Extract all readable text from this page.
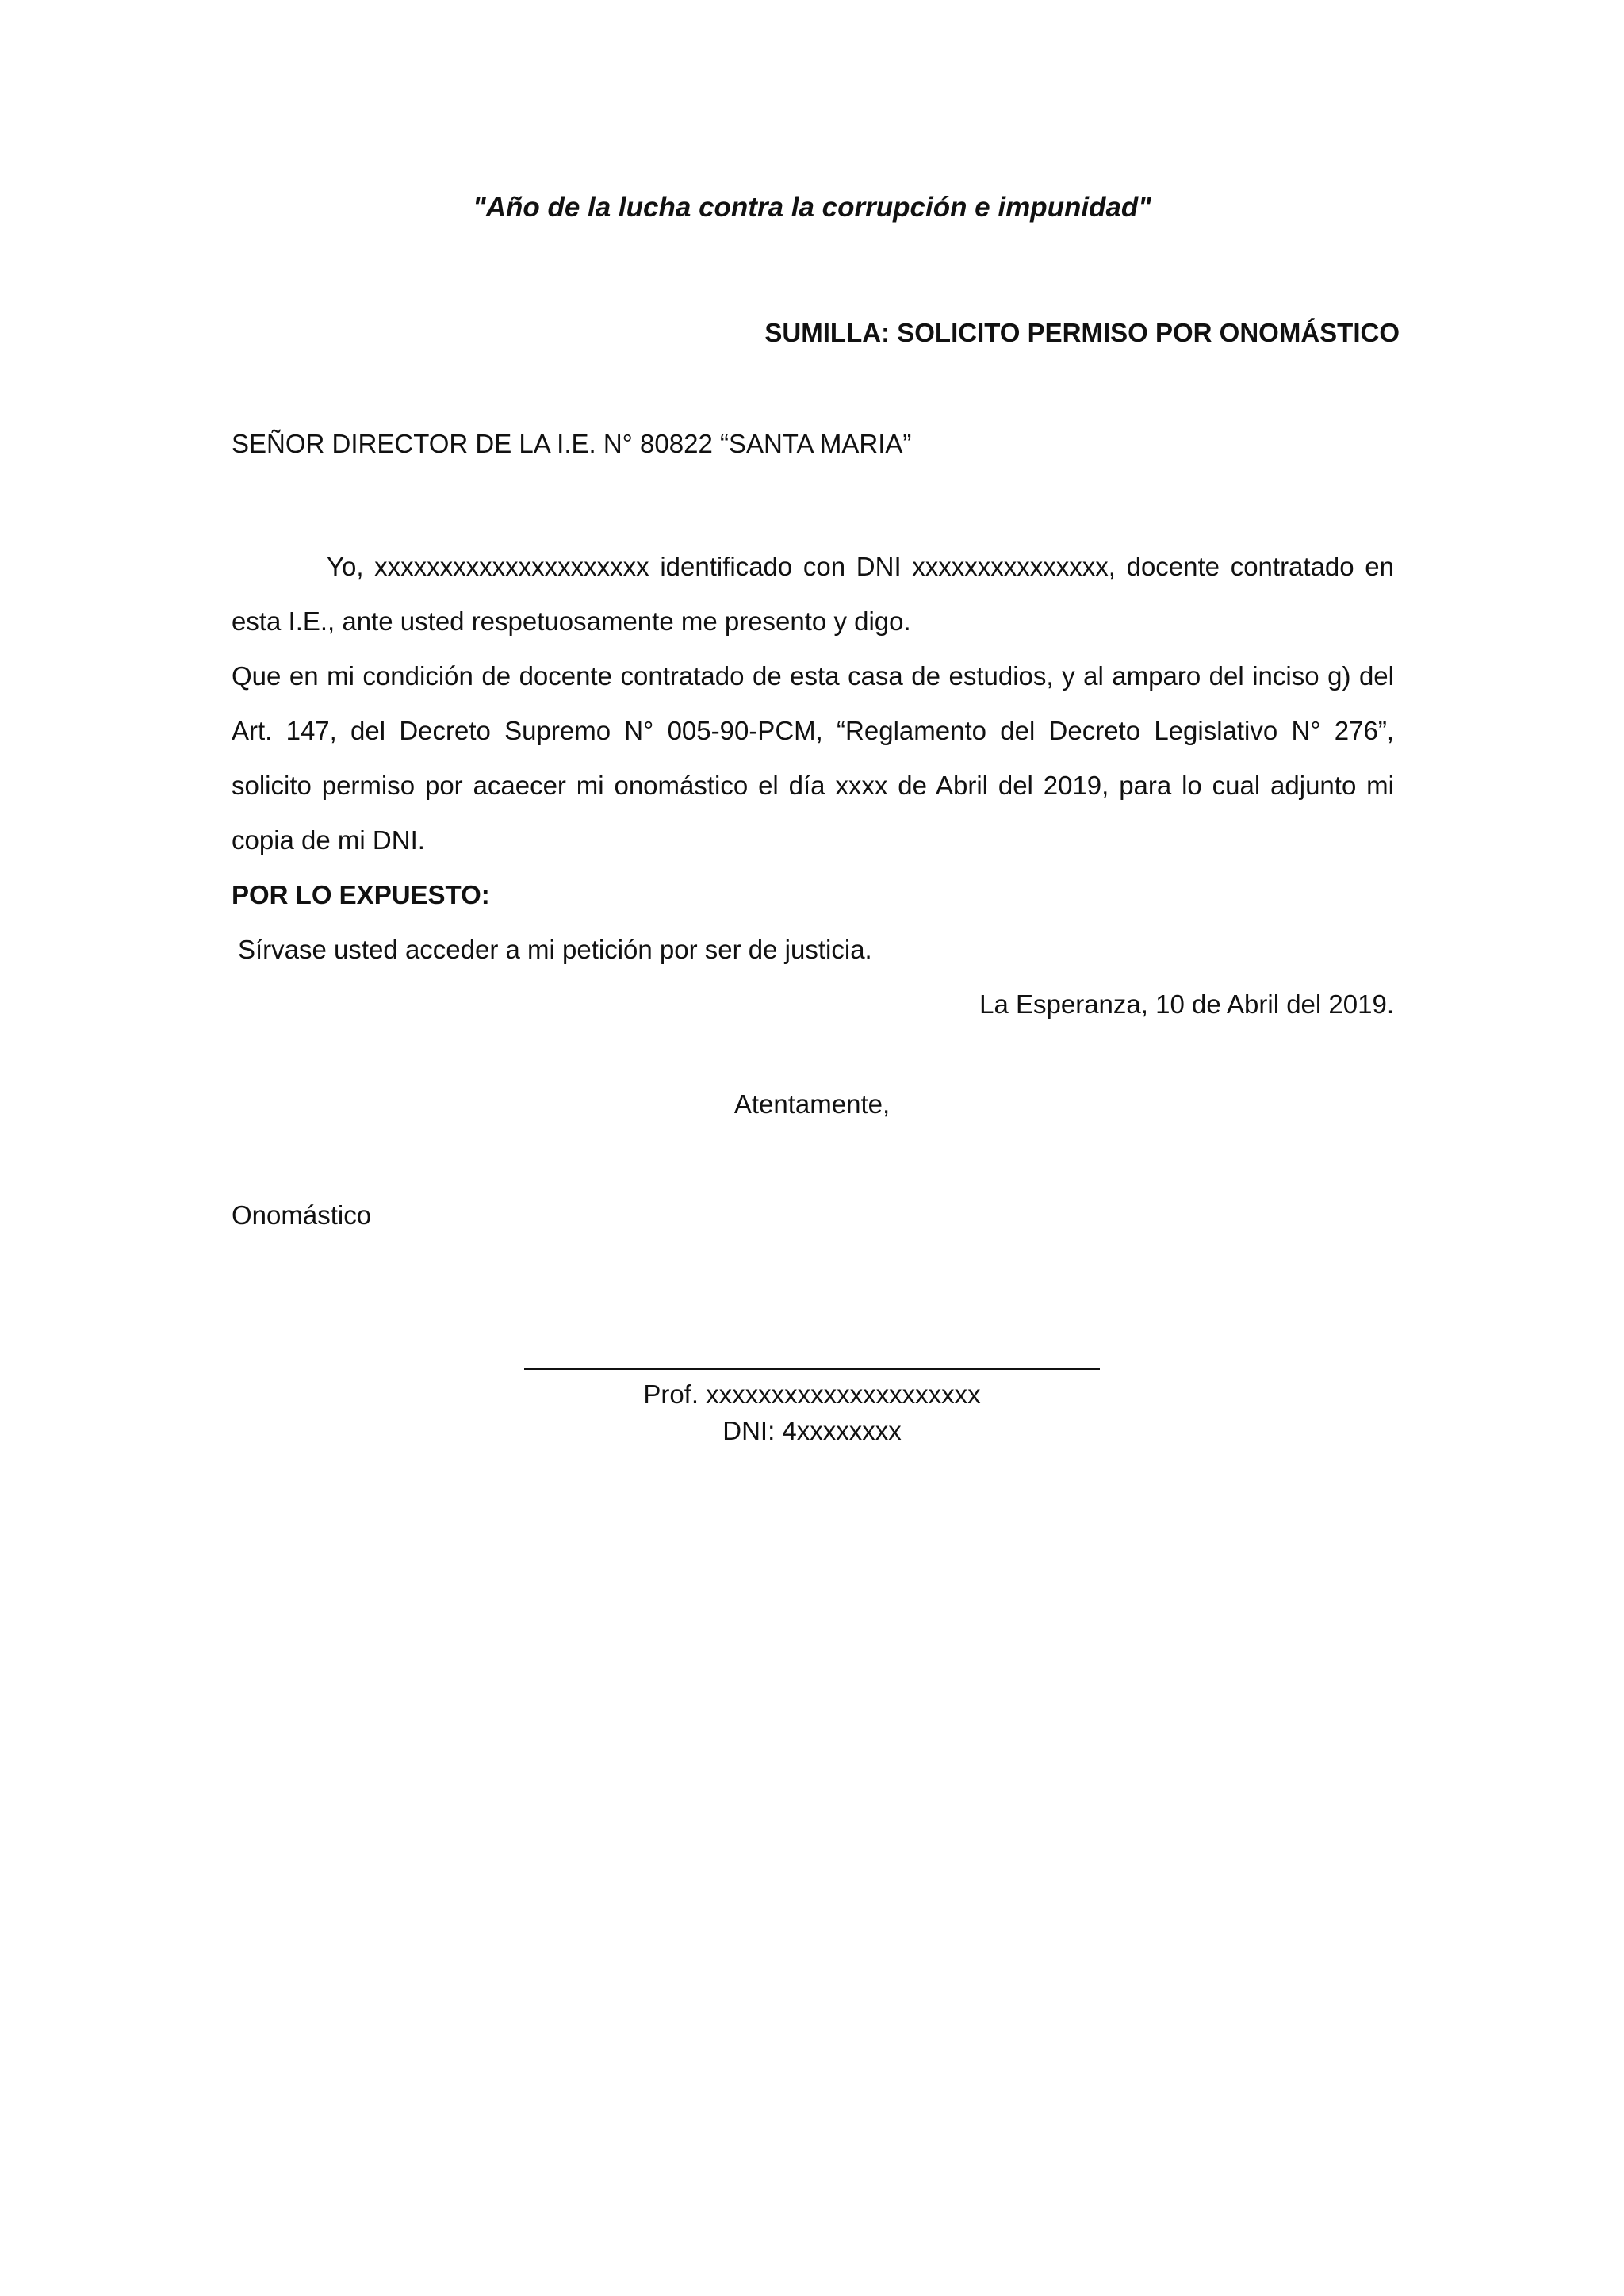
"Año de la lucha contra la corrupción e impunidad"
SUMILLA: SOLICITO PERMISO POR ONOMÁSTICO
SEÑOR DIRECTOR DE LA I.E. N° 80822 “SANTA MARIA”

Yo, xxxxxxxxxxxxxxxxxxxxx identificado con DNI xxxxxxxxxxxxxxx, docente contratado en esta I.E., ante usted respetuosamente me presento y digo.

Que en mi condición de docente contratado de esta casa de estudios, y al amparo del inciso g) del Art. 147, del Decreto Supremo N° 005-90-PCM, “Reglamento del Decreto Legislativo N° 276”, solicito permiso por acaecer mi onomástico el día xxxx de Abril del 2019, para lo cual adjunto mi copia de mi DNI.

POR LO EXPUESTO:

Sírvase usted acceder a mi petición por ser de justicia.

La Esperanza, 10 de Abril del 2019.

Atentamente,
Onomástico
Prof. xxxxxxxxxxxxxxxxxxxxx
DNI: 4xxxxxxxx
